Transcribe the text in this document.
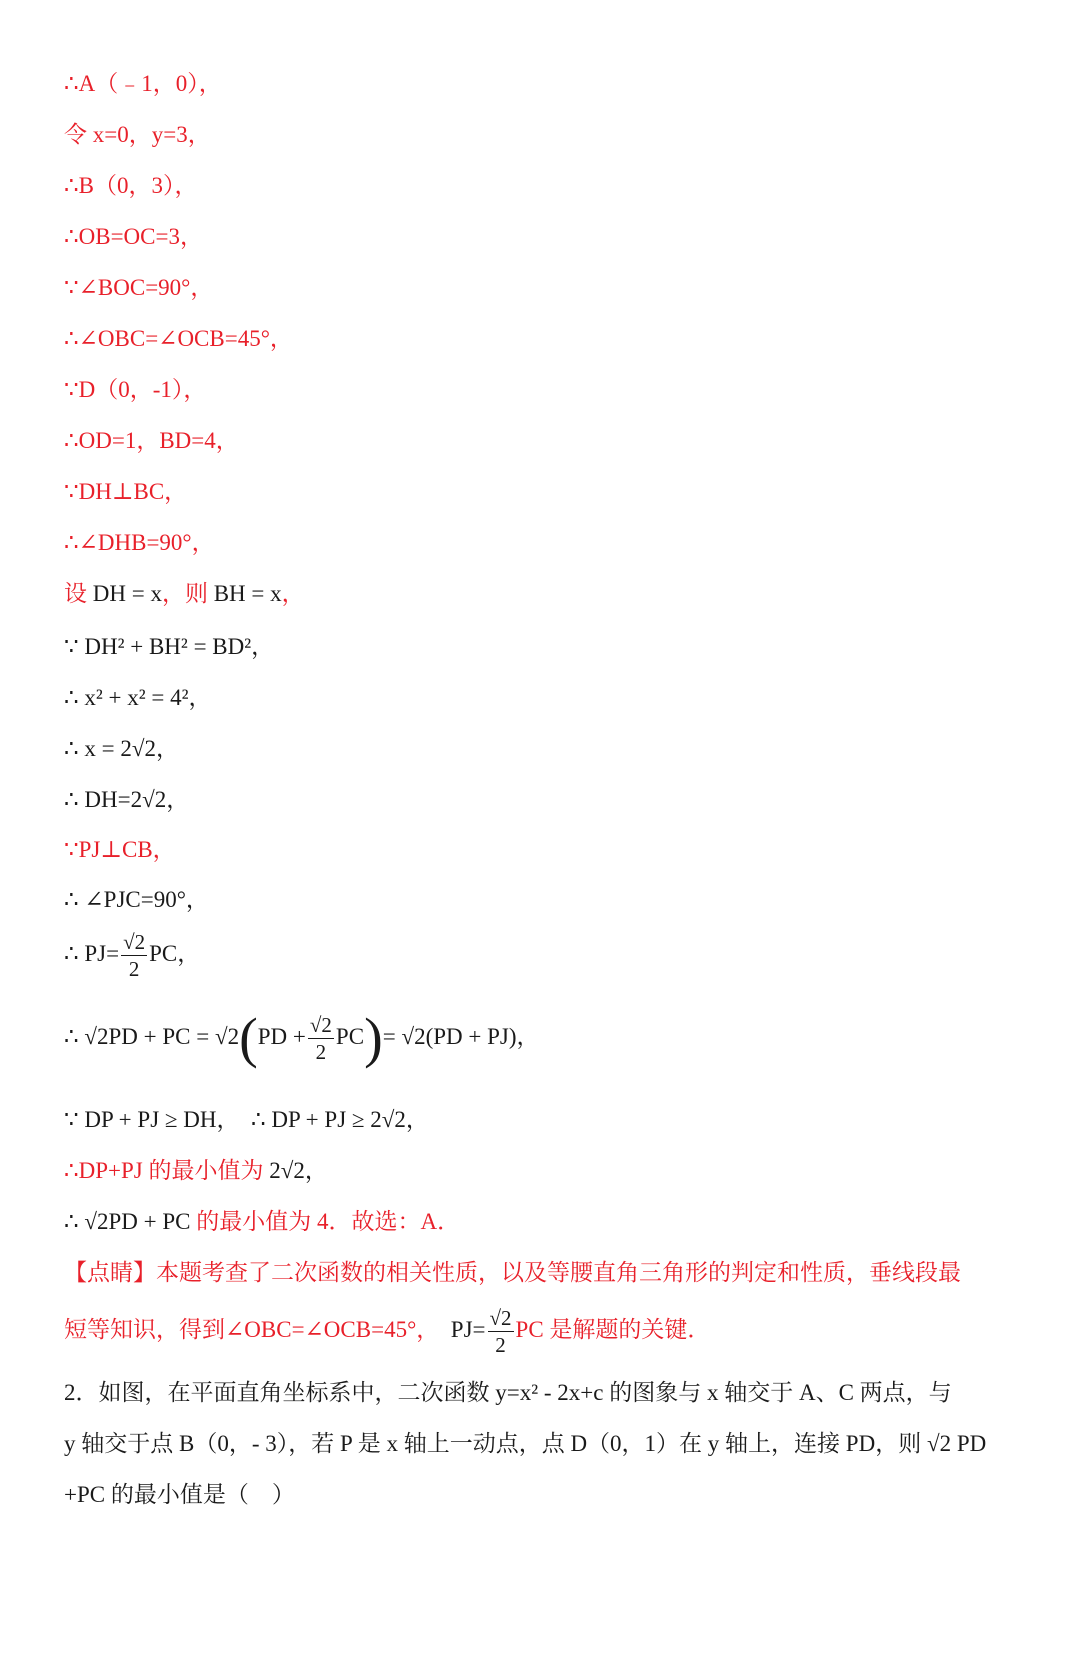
∴A（﹣1，0），
令 x=0，y=3，
∴B（0，3），
∴OB=OC=3，
∵∠BOC=90°，
∴∠OBC=∠OCB=45°，
∵D（0，-1），
∴OD=1，BD=4，
∵DH⊥BC，
∴∠DHB=90°，
设 DH = x，则 BH = x，
∵ DH² + BH² = BD²，
∴ x² + x² = 4²，
∴ x = 2√2，
∴ DH=2√2，
∵PJ⊥CB，
∴ ∠PJC=90°，
∴ $PJ= \frac{√2}{2}$ PC，
∴ √2PD + PC = $√2(PD + \frac{√2}{2} PC)= √2(PD + PJ)$，
∵ DP + PJ ≥ DH， ∴ DP + PJ ≥ 2√2，
∴DP+PJ 的最小值为 2√2，
∴ √2PD + PC 的最小值为 4．故选：A．
【点睛】本题考查了二次函数的相关性质，以及等腰直角三角形的判定和性质，垂线段最
短等知识，得到∠OBC=∠OCB=45°， $PJ= \frac{√2}{2}$ PC 是解题的关键．
2．如图，在平面直角坐标系中，二次函数 y=x² - 2x+c 的图象与 x 轴交于 A、C 两点，与
y 轴交于点 B（0，- 3），若 P 是 x 轴上一动点，点 D（0，1）在 y 轴上，连接 PD，则 √2 PD
+PC 的最小值是（　）
